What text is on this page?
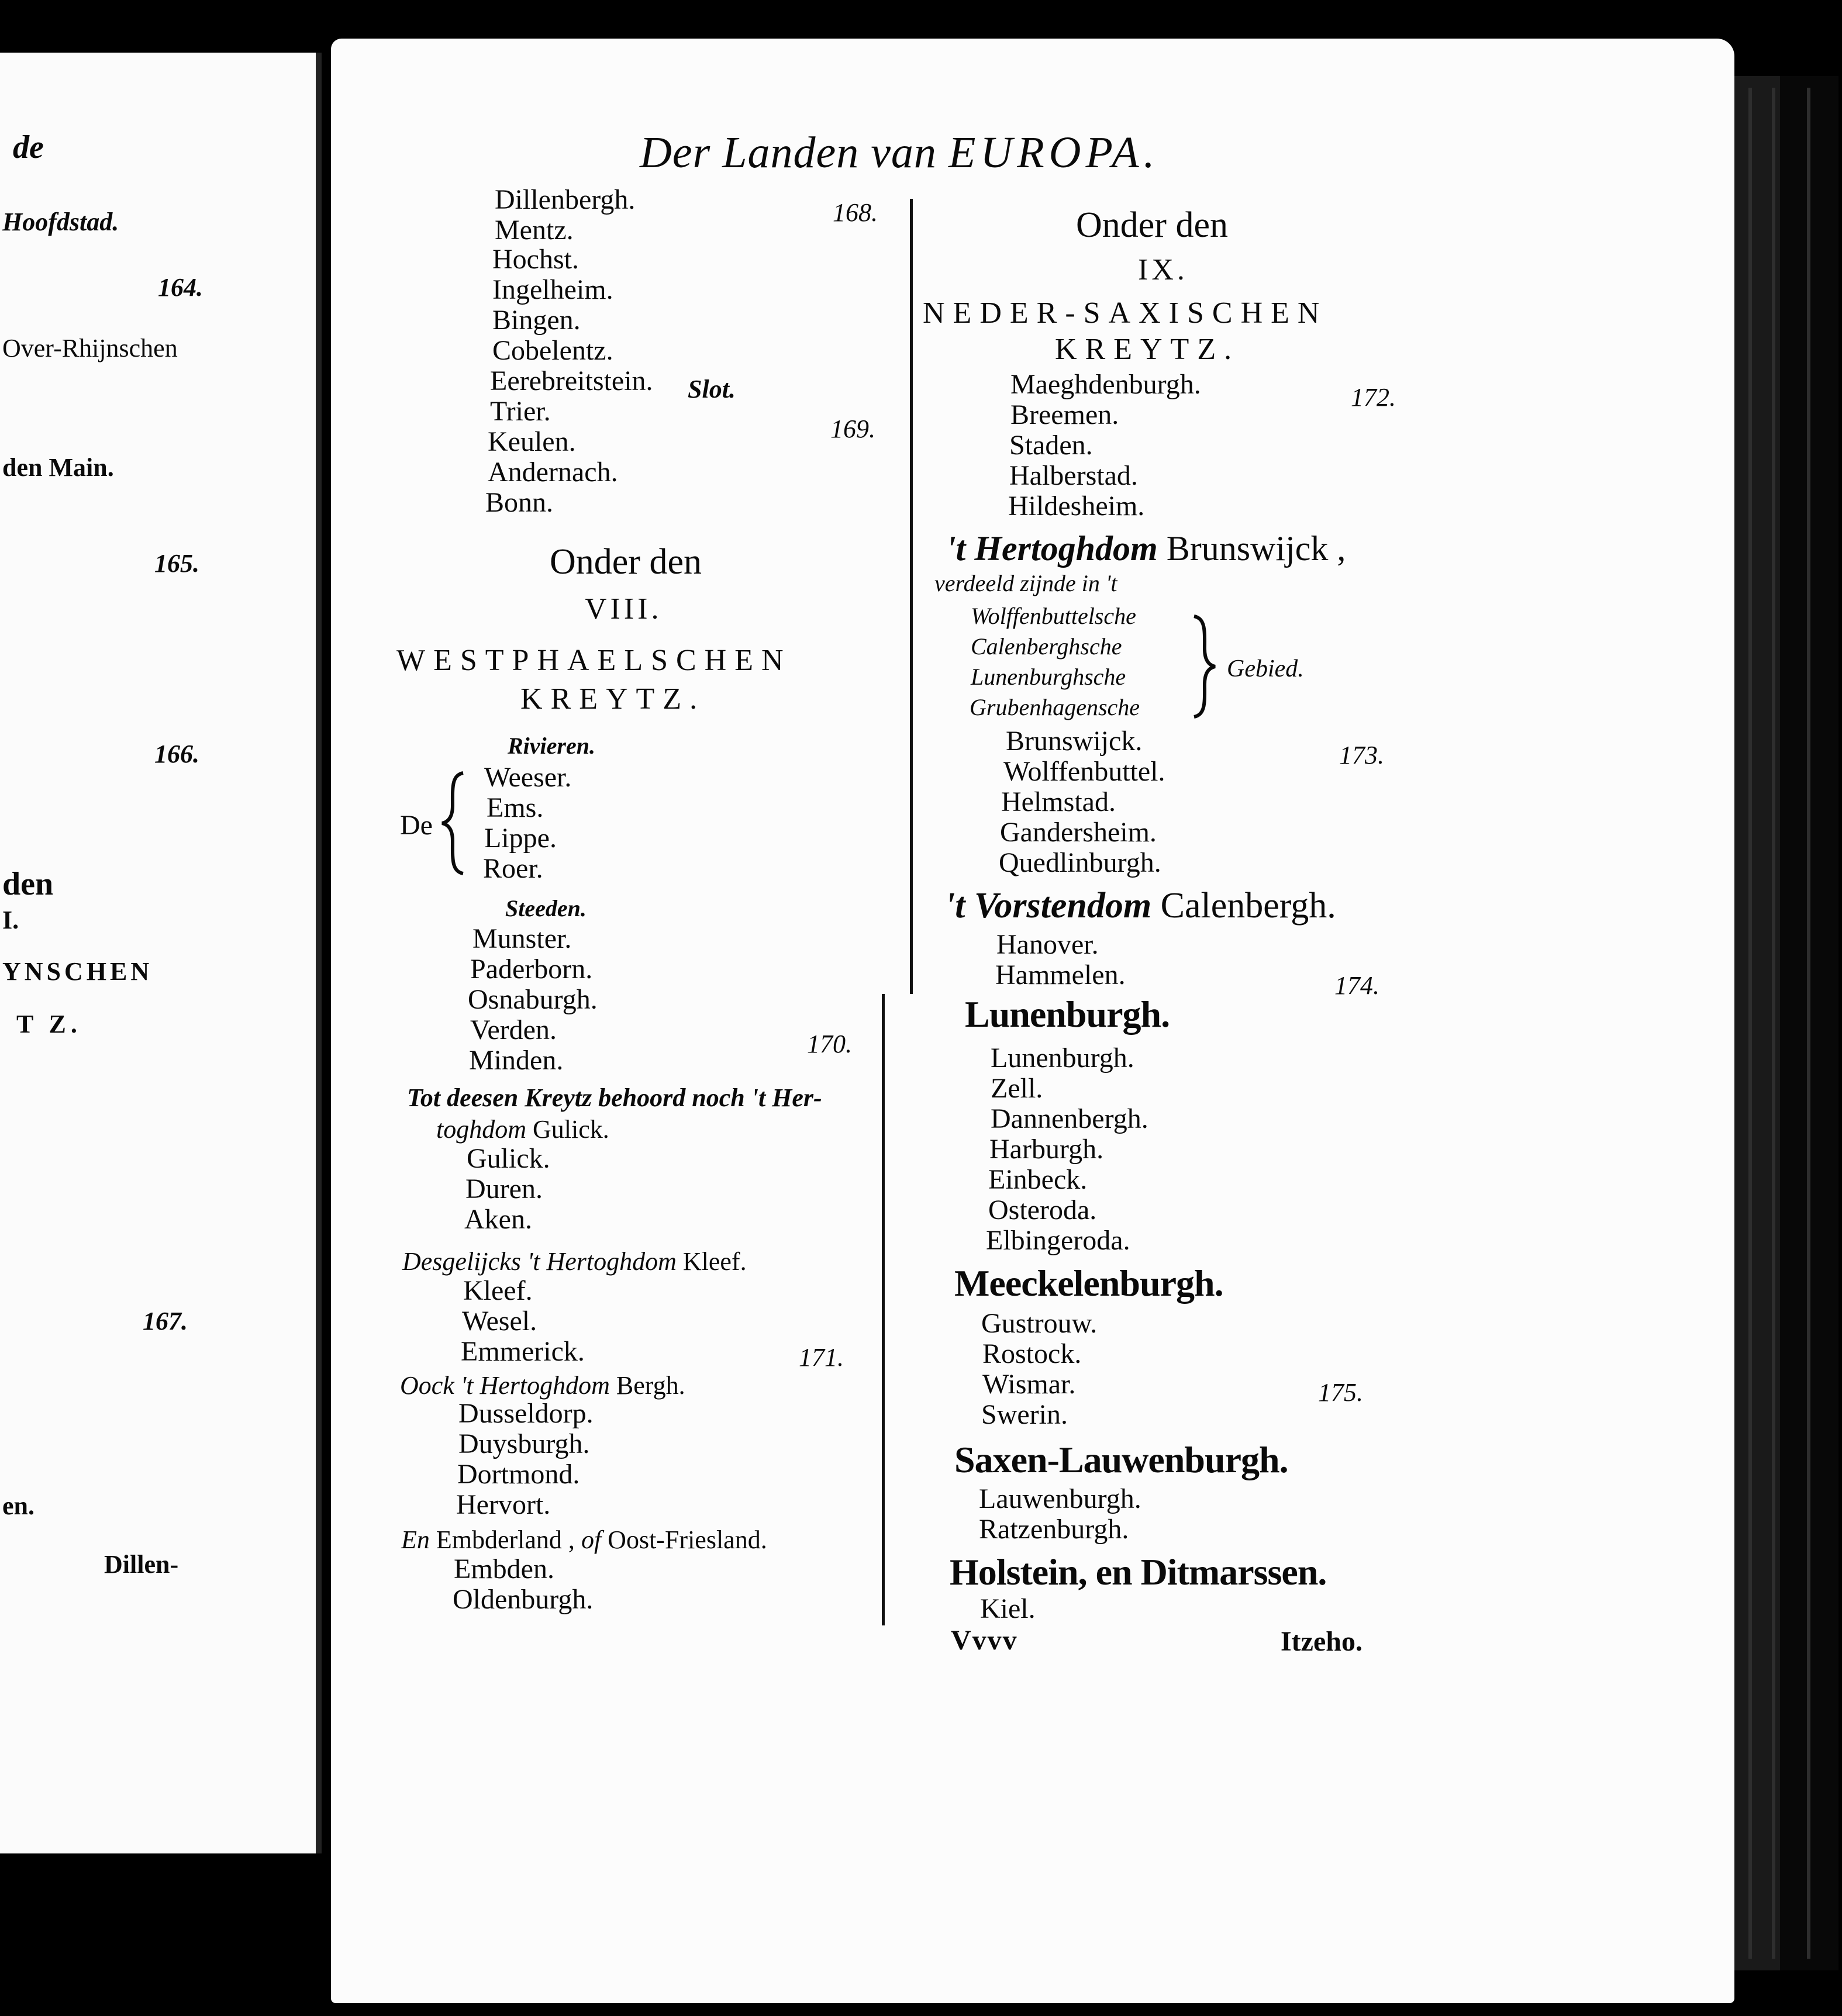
de
Hoofdstad.
164.
Over-Rhijnschen
den Main.
165.
166.
den
I.
YNSCHEN
T Z.
167.
en.
Dillen-
Der Landen van EUROPA.
Dillenbergh.
Mentz.
Hochst.
Ingelheim.
Bingen.
Cobelentz.
Eerebreitstein. Slot.
Trier.
Keulen.
Andernach.
Bonn.
168.
169.
Onder den
VIII.
WESTPHAELSCHEN
KREYTZ.
Rivieren.
De
Weeser.
Ems.
Lippe.
Roer.
Steeden.
Munster.
Paderborn.
Osnaburgh.
Verden.
Minden.
170.
Tot deesen Kreytz behoord noch 't Her-
toghdom Gulick.
Gulick.
Duren.
Aken.
Desgelijcks 't Hertoghdom Kleef.
Kleef.
Wesel.
Emmerick.	171.
Oock 't Hertoghdom Bergh.
Dusseldorp.
Duysburgh.
Dortmond.
Hervort.
En Embderland , of Oost-Friesland.
Embden.
Oldenburgh.
Onder den
IX.
NEDER-SAXISCHEN
KREYTZ.
Maeghdenburgh.
Breemen.
Staden.
Halberstad.
Hildesheim.
172.
't Hertoghdom Brunswijck ,
verdeeld zijnde in 't
Wolffenbuttelsche
Calenberghsche
Lunenburghsche
Grubenhagensche
Gebied.
Brunswijck.
Wolffenbuttel.
Helmstad.
Gandersheim.
Quedlinburgh.
173.
't Vorstendom Calenbergh.
Hanover.
Hammelen.	174.
Lunenburgh.
Lunenburgh.
Zell.
Dannenbergh.
Harburgh.
Einbeck.
Osteroda.
Elbingeroda.
Meeckelenburgh.
Gustrouw.
Rostock.
Wismar.
Swerin.
175.
Saxen-Lauwenburgh.
Lauwenburgh.
Ratzenburgh.
Holstein, en Ditmarssen.
Kiel.
Vvvv	Itzeho.
